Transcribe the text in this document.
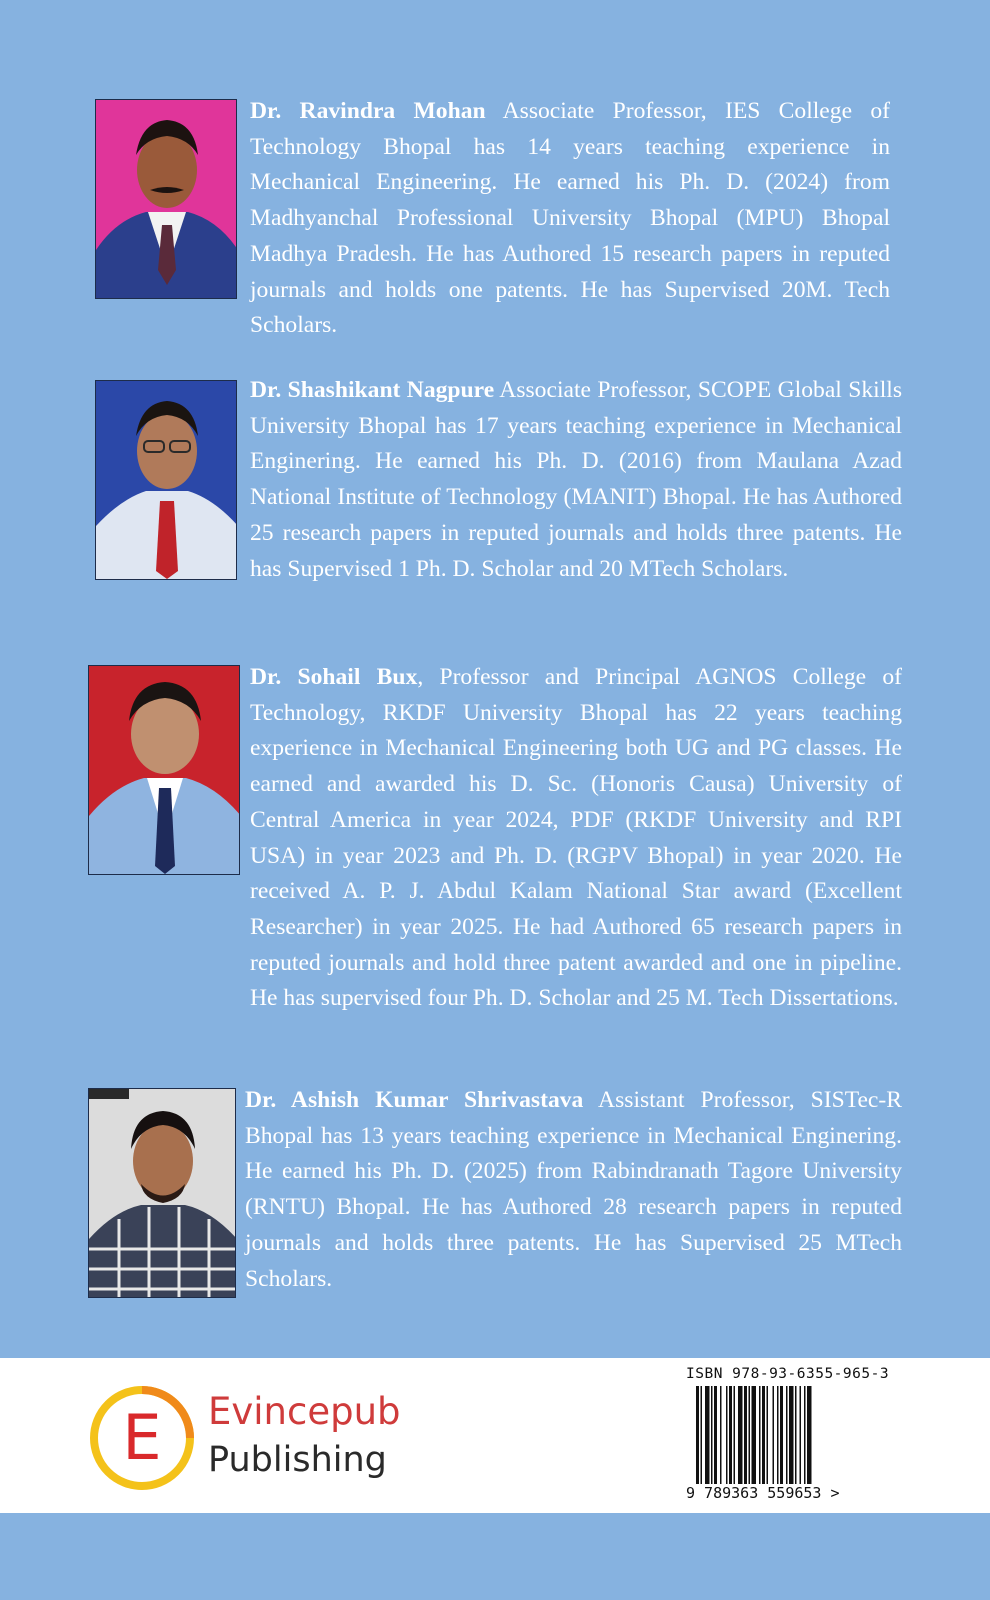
Dr. Ravindra Mohan Associate Professor, IES College of Technology Bhopal has 14 years teaching experience in Mechanical Engineering. He earned his Ph. D. (2024) from Madhyanchal Professional University Bhopal (MPU) Bhopal Madhya Pradesh. He has Authored 15 research papers in reputed journals and holds one patents. He has Supervised 20M. Tech Scholars.

Dr. Shashikant Nagpure Associate Professor, SCOPE Global Skills University Bhopal has 17 years teaching experience in Mechanical Enginering. He earned his Ph. D. (2016) from Maulana Azad National Institute of Technology (MANIT) Bhopal. He has Authored 25 research papers in reputed journals and holds three patents. He has Supervised 1 Ph. D. Scholar and 20 MTech Scholars.

Dr. Sohail Bux, Professor and Principal AGNOS College of Technology, RKDF University Bhopal has 22 years teaching experience in Mechanical Engineering both UG and PG classes. He earned and awarded his D. Sc. (Honoris Causa) University of Central America in year 2024, PDF (RKDF University and RPI USA) in year 2023 and Ph. D. (RGPV Bhopal) in year 2020. He received A. P. J. Abdul Kalam National Star award (Excellent Researcher) in year 2025. He had Authored 65 research papers in reputed journals and hold three patent awarded and one in pipeline. He has supervised four Ph. D. Scholar and 25 M. Tech Dissertations.

Dr. Ashish Kumar Shrivastava Assistant Professor, SISTec-R Bhopal has 13 years teaching experience in Mechanical Enginering. He earned his Ph. D. (2025) from Rabindranath Tagore University (RNTU) Bhopal. He has Authored 28 research papers in reputed journals and holds three patents. He has Supervised 25 MTech Scholars.

E Evincepub
Publishing
ISBN 978-93-6355-965-3
9 789363 559653 >
